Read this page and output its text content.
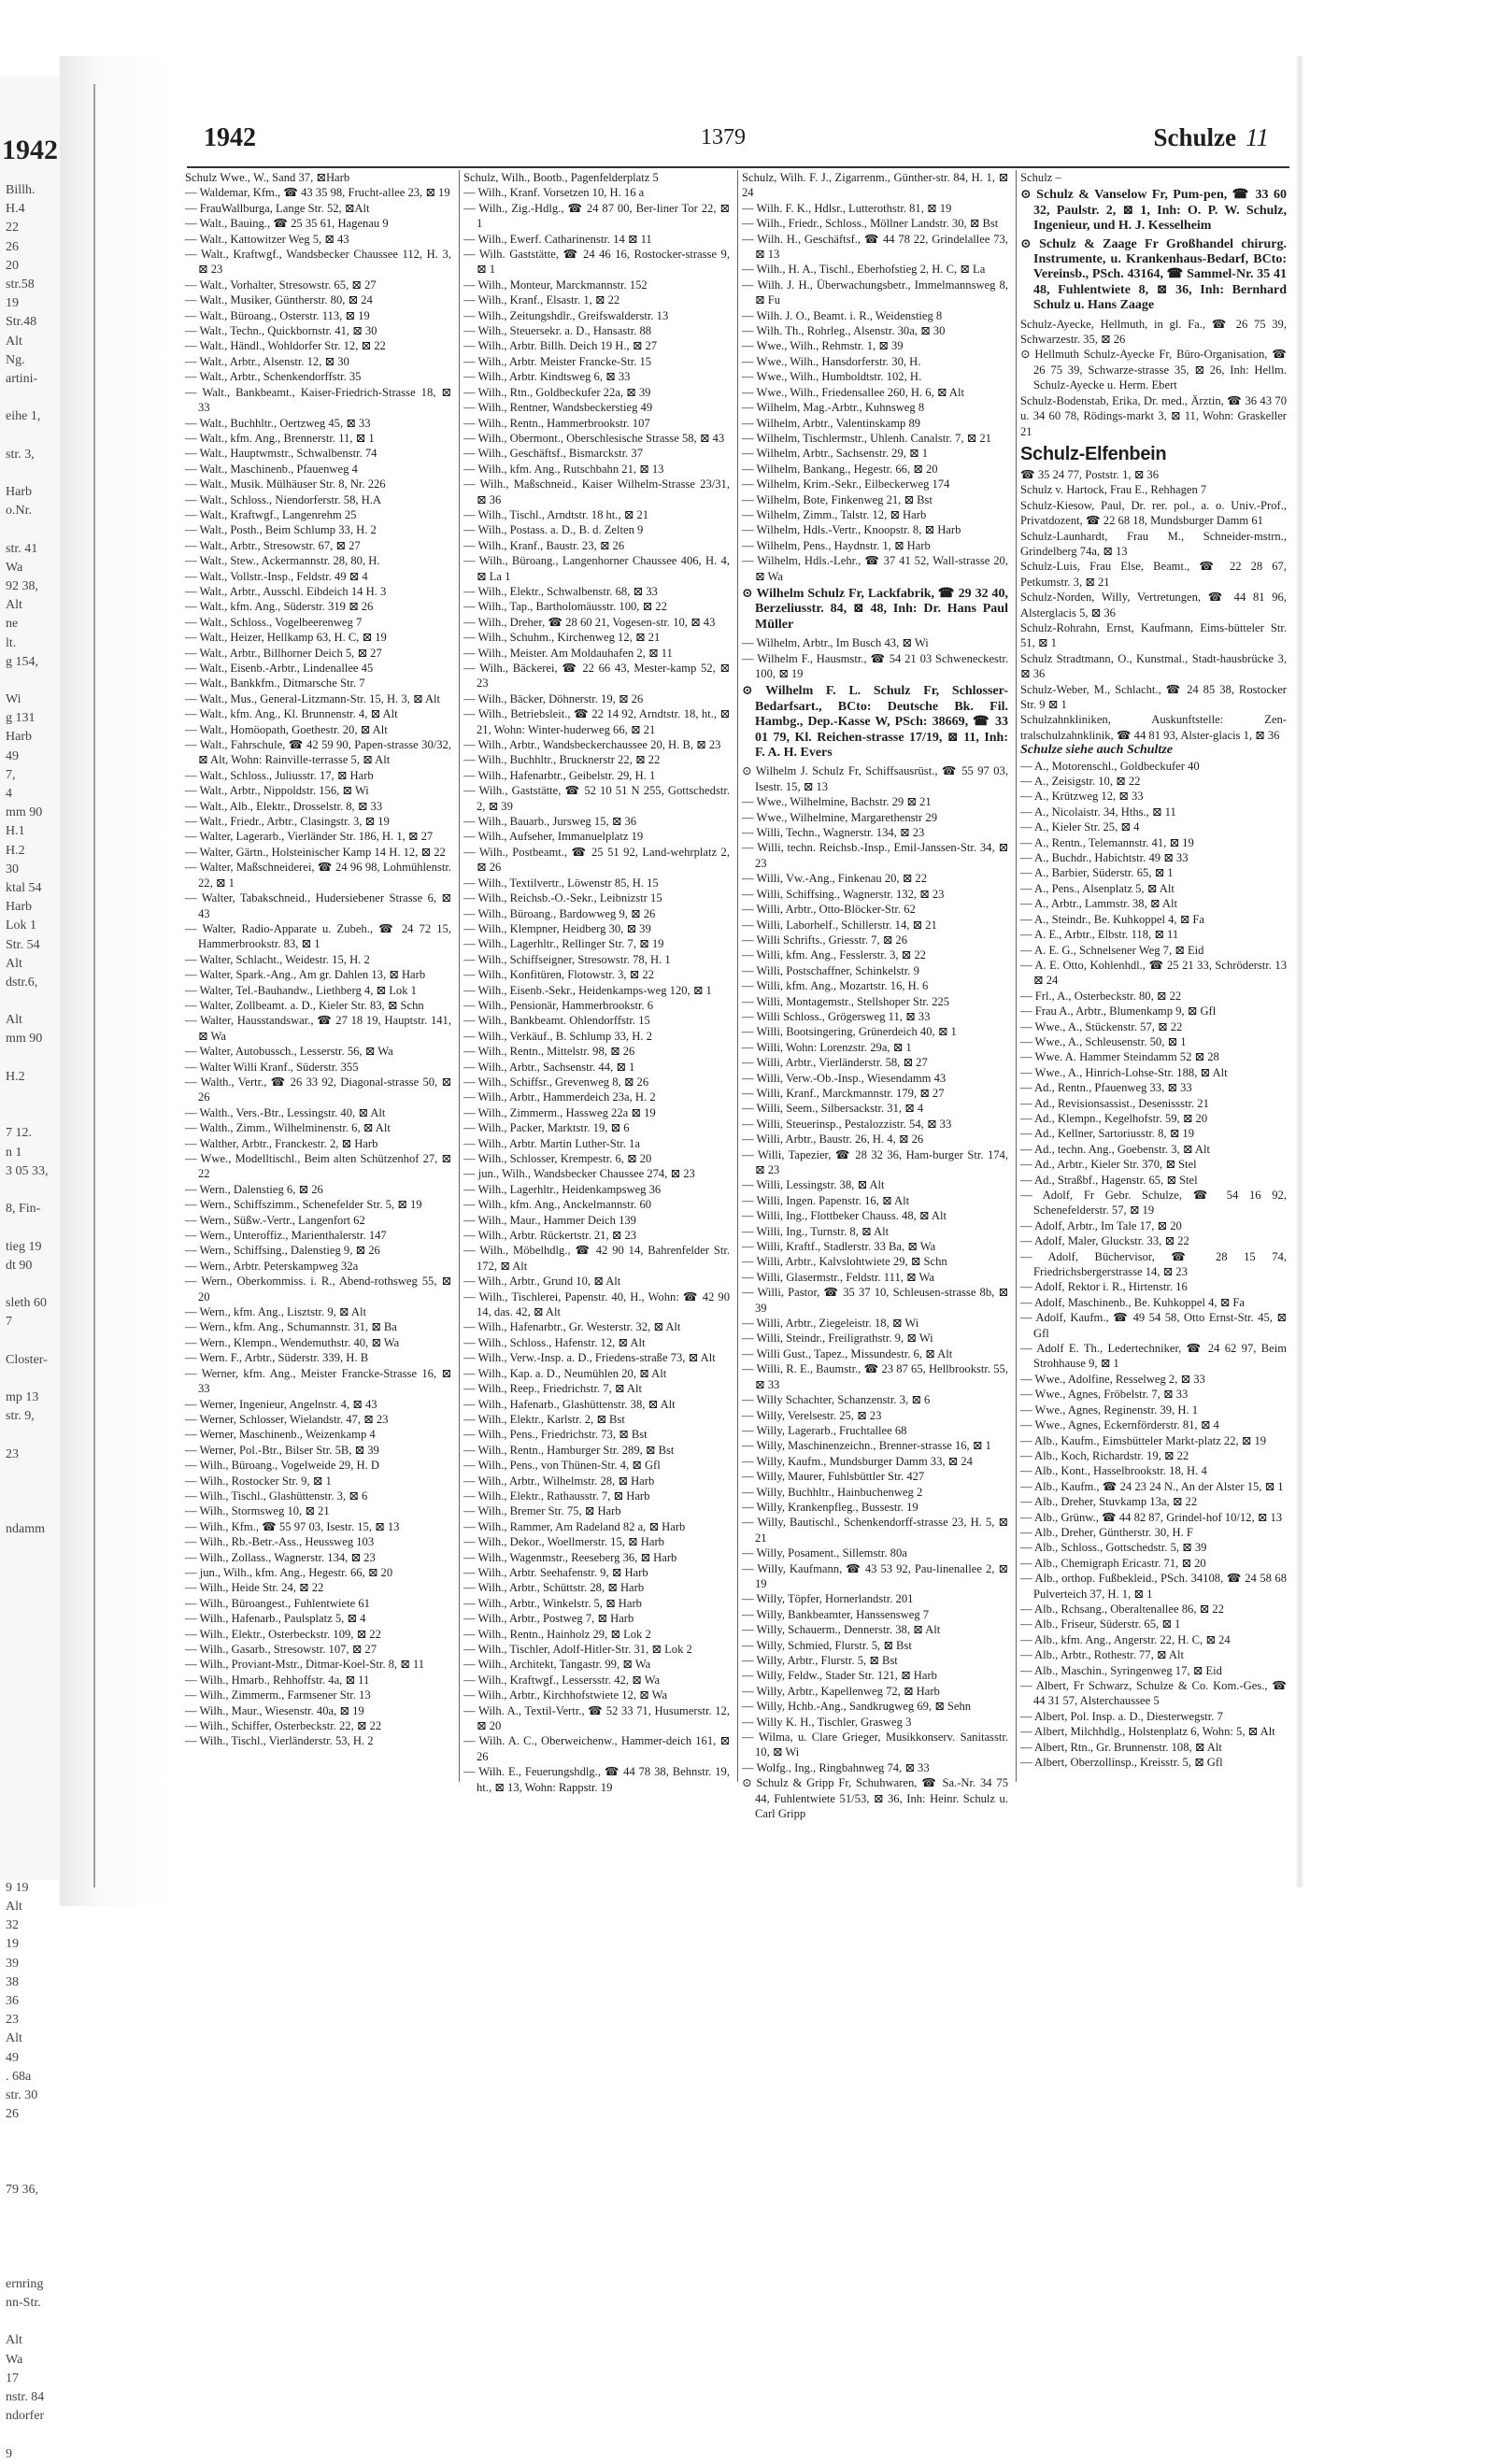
1942
Billh.
H.4
22
26
20
str.58
19
Str.48
Alt
Ng.
artini-
eihe 1,
str. 3,
Harb
o.Nr.
str. 41
Wa
92 38,
Alt
ne
lt.
g 154,
Wi
g 131
Harb
49
7,
4
mm 90
H.1
H.2
30
ktal 54
Harb
Lok 1
Str. 54
Alt
dstr.6,
Alt
mm 90
H.2
7 12.
n 1
3 05 33,
8, Fin-
tieg 19
dt 90
sleth 60
7
Closter-
mp 13
str. 9,
23
ndamm
9 19
Alt
32
19
39
38
36
23
Alt
49
. 68a
str. 30
26
79 36,
ernring
nn-Str.
Alt
Wa
17
nstr. 84
ndorfer
9
1942	1379	Schulze 11

Schulz Wwe., W., Sand 37, ⊠Harb

— Waldemar, Kfm., ☎ 43 35 98, Frucht-allee 23, ⊠ 19

— FrauWallburga, Lange Str. 52, ⊠Alt

— Walt., Bauing., ☎ 25 35 61, Hagenau 9

— Walt., Kattowitzer Weg 5, ⊠ 43

— Walt., Kraftwgf., Wandsbecker Chaussee 112, H. 3, ⊠ 23

— Walt., Vorhalter, Stresowstr. 65, ⊠ 27

— Walt., Musiker, Güntherstr. 80, ⊠ 24

— Walt., Büroang., Osterstr. 113, ⊠ 19

— Walt., Techn., Quickbornstr. 41, ⊠ 30

— Walt., Händl., Wohldorfer Str. 12, ⊠ 22

— Walt., Arbtr., Alsenstr. 12, ⊠ 30

— Walt., Arbtr., Schenkendorffstr. 35

— Walt., Bankbeamt., Kaiser-Friedrich-Strasse 18, ⊠ 33

— Walt., Buchhltr., Oertzweg 45, ⊠ 33

— Walt., kfm. Ang., Brennerstr. 11, ⊠ 1

— Walt., Hauptwmstr., Schwalbenstr. 74

— Walt., Maschinenb., Pfauenweg 4

— Walt., Musik. Mülhäuser Str. 8, Nr. 226

— Walt., Schloss., Niendorferstr. 58, H.A

— Walt., Kraftwgf., Langenrehm 25

— Walt., Posth., Beim Schlump 33, H. 2

— Walt., Arbtr., Stresowstr. 67, ⊠ 27

— Walt., Stew., Ackermannstr. 28, 80, H.

— Walt., Vollstr.-Insp., Feldstr. 49 ⊠ 4

— Walt., Arbtr., Ausschl. Eibdeich 14 H. 3

— Walt., kfm. Ang., Süderstr. 319 ⊠ 26

— Walt., Schloss., Vogelbeerenweg 7

— Walt., Heizer, Hellkamp 63, H. C, ⊠ 19

— Walt., Arbtr., Billhorner Deich 5, ⊠ 27

— Walt., Eisenb.-Arbtr., Lindenallee 45

— Walt., Bankkfm., Ditmarsche Str. 7

— Walt., Mus., General-Litzmann-Str. 15, H. 3, ⊠ Alt

— Walt., kfm. Ang., Kl. Brunnenstr. 4, ⊠ Alt

— Walt., Homöopath, Goethestr. 20, ⊠ Alt

— Walt., Fahrschule, ☎ 42 59 90, Papen-strasse 30/32, ⊠ Alt, Wohn: Rainville-terrasse 5, ⊠ Alt

— Walt., Schloss., Juliusstr. 17, ⊠ Harb

— Walt., Arbtr., Nippoldstr. 156, ⊠ Wi

— Walt., Alb., Elektr., Drosselstr. 8, ⊠ 33

— Walt., Friedr., Arbtr., Clasingstr. 3, ⊠ 19

— Walter, Lagerarb., Vierländer Str. 186, H. 1, ⊠ 27

— Walter, Gärtn., Holsteinischer Kamp 14 H. 12, ⊠ 22

— Walter, Maßschneiderei, ☎ 24 96 98, Lohmühlenstr. 22, ⊠ 1

— Walter, Tabakschneid., Hudersiebener Strasse 6, ⊠ 43

— Walter, Radio-Apparate u. Zubeh., ☎ 24 72 15, Hammerbrookstr. 83, ⊠ 1

— Walter, Schlacht., Weidestr. 15, H. 2

— Walter, Spark.-Ang., Am gr. Dahlen 13, ⊠ Harb

— Walter, Tel.-Bauhandw., Liethberg 4, ⊠ Lok 1

— Walter, Zollbeamt. a. D., Kieler Str. 83, ⊠ Schn

— Walter, Hausstandswar., ☎ 27 18 19, Hauptstr. 141, ⊠ Wa

— Walter, Autobussch., Lesserstr. 56, ⊠ Wa

— Walter Willi Kranf., Süderstr. 355

— Walth., Vertr., ☎ 26 33 92, Diagonal-strasse 50, ⊠ 26

— Walth., Vers.-Btr., Lessingstr. 40, ⊠ Alt

— Walth., Zimm., Wilhelminenstr. 6, ⊠ Alt

— Walther, Arbtr., Franckestr. 2, ⊠ Harb

— Wwe., Modelltischl., Beim alten Schützenhof 27, ⊠ 22

— Wern., Dalenstieg 6, ⊠ 26

— Wern., Schiffszimm., Schenefelder Str. 5, ⊠ 19

— Wern., Süßw.-Vertr., Langenfort 62

— Wern., Unteroffiz., Marienthalerstr. 147

— Wern., Schiffsing., Dalenstieg 9, ⊠ 26

— Wern., Arbtr. Peterskampweg 32a

— Wern., Oberkommiss. i. R., Abend-rothsweg 55, ⊠ 20

— Wern., kfm. Ang., Lisztstr. 9, ⊠ Alt

— Wern., kfm. Ang., Schumannstr. 31, ⊠ Ba

— Wern., Klempn., Wendemuthstr. 40, ⊠ Wa

— Wern. F., Arbtr., Süderstr. 339, H. B

— Werner, kfm. Ang., Meister Francke-Strasse 16, ⊠ 33

— Werner, Ingenieur, Angelnstr. 4, ⊠ 43

— Werner, Schlosser, Wielandstr. 47, ⊠ 23

— Werner, Maschinenb., Weizenkamp 4

— Werner, Pol.-Btr., Bilser Str. 5B, ⊠ 39

— Wilh., Büroang., Vogelweide 29, H. D

— Wilh., Rostocker Str. 9, ⊠ 1

— Wilh., Tischl., Glashüttenstr. 3, ⊠ 6

— Wilh., Stormsweg 10, ⊠ 21

— Wilh., Kfm., ☎ 55 97 03, Isestr. 15, ⊠ 13

— Wilh., Rb.-Betr.-Ass., Heussweg 103

— Wilh., Zollass., Wagnerstr. 134, ⊠ 23

— jun., Wilh., kfm. Ang., Hegestr. 66, ⊠ 20

— Wilh., Heide Str. 24, ⊠ 22

— Wilh., Büroangest., Fuhlentwiete 61

— Wilh., Hafenarb., Paulsplatz 5, ⊠ 4

— Wilh., Elektr., Osterbeckstr. 109, ⊠ 22

— Wilh., Gasarb., Stresowstr. 107, ⊠ 27

— Wilh., Proviant-Mstr., Ditmar-Koel-Str. 8, ⊠ 11

— Wilh., Hmarb., Rehhoffstr. 4a, ⊠ 11

— Wilh., Zimmerm., Farmsener Str. 13

— Wilh., Maur., Wiesenstr. 40a, ⊠ 19

— Wilh., Schiffer, Osterbeckstr. 22, ⊠ 22

— Wilh., Tischl., Vierländerstr. 53, H. 2

Schulz, Wilh., Bootb., Pagenfelderplatz 5

— Wilh., Kranf. Vorsetzen 10, H. 16 a

— Wilh., Zig.-Hdlg., ☎ 24 87 00, Ber-liner Tor 22, ⊠ 1

— Wilh., Ewerf. Catharinenstr. 14 ⊠ 11

— Wilh. Gaststätte, ☎ 24 46 16, Rostocker-strasse 9, ⊠ 1

— Wilh., Monteur, Marckmannstr. 152

— Wilh., Kranf., Elsastr. 1, ⊠ 22

— Wilh., Zeitungshdlr., Greifswalderstr. 13

— Wilh., Steuersekr. a. D., Hansastr. 88

— Wilh., Arbtr. Billh. Deich 19 H., ⊠ 27

— Wilh., Arbtr. Meister Francke-Str. 15

— Wilh., Arbtr. Kindtsweg 6, ⊠ 33

— Wilh., Rtn., Goldbeckufer 22a, ⊠ 39

— Wilh., Rentner, Wandsbeckerstieg 49

— Wilh., Rentn., Hammerbrookstr. 107

— Wilh., Obermont., Oberschlesische Strasse 58, ⊠ 43

— Wilh., Geschäftsf., Bismarckstr. 37

— Wilh., kfm. Ang., Rutschbahn 21, ⊠ 13

— Wilh., Maßschneid., Kaiser Wilhelm-Strasse 23/31, ⊠ 36

— Wilh., Tischl., Arndtstr. 18 ht., ⊠ 21

— Wilh., Postass. a. D., B. d. Zelten 9

— Wilh., Kranf., Baustr. 23, ⊠ 26

— Wilh., Büroang., Langenhorner Chaussee 406, H. 4, ⊠ La 1

— Wilh., Elektr., Schwalbenstr. 68, ⊠ 33

— Wilh., Tap., Bartholomäusstr. 100, ⊠ 22

— Wilh., Dreher, ☎ 28 60 21, Vogesen-str. 10, ⊠ 43

— Wilh., Schuhm., Kirchenweg 12, ⊠ 21

— Wilh., Meister. Am Moldauhafen 2, ⊠ 11

— Wilh., Bäckerei, ☎ 22 66 43, Mester-kamp 52, ⊠ 23

— Wilh., Bäcker, Döhnerstr. 19, ⊠ 26

— Wilh., Betriebsleit., ☎ 22 14 92, Arndtstr. 18, ht., ⊠ 21, Wohn: Winter-huderweg 66, ⊠ 21

— Wilh., Arbtr., Wandsbeckerchaussee 20, H. B, ⊠ 23

— Wilh., Buchhltr., Brucknerstr 22, ⊠ 22

— Wilh., Hafenarbtr., Geibelstr. 29, H. 1

— Wilh., Gaststätte, ☎ 52 10 51 N 255, Gottschedstr. 2, ⊠ 39

— Wilh., Bauarb., Jursweg 15, ⊠ 36

— Wilh., Aufseher, Immanuelplatz 19

— Wilh., Postbeamt., ☎ 25 51 92, Land-wehrplatz 2, ⊠ 26

— Wilh., Textilvertr., Löwenstr 85, H. 15

— Wilh., Reichsb.-O.-Sekr., Leibnizstr 15

— Wilh., Büroang., Bardowweg 9, ⊠ 26

— Wilh., Klempner, Heidberg 30, ⊠ 39

— Wilh., Lagerhltr., Rellinger Str. 7, ⊠ 19

— Wilh., Schiffseigner, Stresowstr. 78, H. 1

— Wilh., Konfitüren, Flotowstr. 3, ⊠ 22

— Wilh., Eisenb.-Sekr., Heidenkamps-weg 120, ⊠ 1

— Wilh., Pensionär, Hammerbrookstr. 6

— Wilh., Bankbeamt. Ohlendorffstr. 15

— Wilh., Verkäuf., B. Schlump 33, H. 2

— Wilh., Rentn., Mittelstr. 98, ⊠ 26

— Wilh., Arbtr., Sachsenstr. 44, ⊠ 1

— Wilh., Schiffsr., Grevenweg 8, ⊠ 26

— Wilh., Arbtr., Hammerdeich 23a, H. 2

— Wilh., Zimmerm., Hassweg 22a ⊠ 19

— Wilh., Packer, Marktstr. 19, ⊠ 6

— Wilh., Arbtr. Martin Luther-Str. 1a

— Wilh., Schlosser, Krempestr. 6, ⊠ 20

— jun., Wilh., Wandsbecker Chaussee 274, ⊠ 23

— Wilh., Lagerhltr., Heidenkampsweg 36

— Wilh., kfm. Ang., Anckelmannstr. 60

— Wilh., Maur., Hammer Deich 139

— Wilh., Arbtr. Rückertstr. 21, ⊠ 23

— Wilh., Möbelhdlg., ☎ 42 90 14, Bahrenfelder Str. 172, ⊠ Alt

— Wilh., Arbtr., Grund 10, ⊠ Alt

— Wilh., Tischlerei, Papenstr. 40, H., Wohn: ☎ 42 90 14, das. 42, ⊠ Alt

— Wilh., Hafenarbtr., Gr. Westerstr. 32, ⊠ Alt

— Wilh., Schloss., Hafenstr. 12, ⊠ Alt

— Wilh., Verw.-Insp. a. D., Friedens-straße 73, ⊠ Alt

— Wilh., Kap. a. D., Neumühlen 20, ⊠ Alt

— Wilh., Reep., Friedrichstr. 7, ⊠ Alt

— Wilh., Hafenarb., Glashüttenstr. 38, ⊠ Alt

— Wilh., Elektr., Karlstr. 2, ⊠ Bst

— Wilh., Pens., Friedrichstr. 73, ⊠ Bst

— Wilh., Rentn., Hamburger Str. 289, ⊠ Bst

— Wilh., Pens., von Thünen-Str. 4, ⊠ Gfl

— Wilh., Arbtr., Wilhelmstr. 28, ⊠ Harb

— Wilh., Elektr., Rathausstr. 7, ⊠ Harb

— Wilh., Bremer Str. 75, ⊠ Harb

— Wilh., Rammer, Am Radeland 82 a, ⊠ Harb

— Wilh., Dekor., Woellmerstr. 15, ⊠ Harb

— Wilh., Wagenmstr., Reeseberg 36, ⊠ Harb

— Wilh., Arbtr. Seehafenstr. 9, ⊠ Harb

— Wilh., Arbtr., Schüttstr. 28, ⊠ Harb

— Wilh., Arbtr., Winkelstr. 5, ⊠ Harb

— Wilh., Arbtr., Postweg 7, ⊠ Harb

— Wilh., Rentn., Hainholz 29, ⊠ Lok 2

— Wilh., Tischler, Adolf-Hitler-Str. 31, ⊠ Lok 2

— Wilh., Architekt, Tangastr. 99, ⊠ Wa

— Wilh., Kraftwgf., Lessersstr. 42, ⊠ Wa

— Wilh., Arbtr., Kirchhofstwiete 12, ⊠ Wa

— Wilh. A., Textil-Vertr., ☎ 52 33 71, Husumerstr. 12, ⊠ 20

— Wilh. A. C., Oberweichenw., Hammer-deich 161, ⊠ 26

— Wilh. E., Feuerungshdlg., ☎ 44 78 38, Behnstr. 19, ht., ⊠ 13, Wohn: Rappstr. 19

Schulz, Wilh. F. J., Zigarrenm., Günther-str. 84, H. 1, ⊠ 24

— Wilh. F. K., Hdlsr., Lutterothstr. 81, ⊠ 19

— Wilh., Friedr., Schloss., Möllner Landstr. 30, ⊠ Bst

— Wilh. H., Geschäftsf., ☎ 44 78 22, Grindelallee 73, ⊠ 13

— Wilh., H. A., Tischl., Eberhofstieg 2, H. C, ⊠ La

— Wilh. J. H., Überwachungsbetr., Immelmannsweg 8, ⊠ Fu

— Wilh. J. O., Beamt. i. R., Weidenstieg 8

— Wilh. Th., Rohrleg., Alsenstr. 30a, ⊠ 30

— Wwe., Wilh., Rehmstr. 1, ⊠ 39

— Wwe., Wilh., Hansdorferstr. 30, H.

— Wwe., Wilh., Humboldtstr. 102, H.

— Wwe., Wilh., Friedensallee 260, H. 6, ⊠ Alt

— Wilhelm, Mag.-Arbtr., Kuhnsweg 8

— Wilhelm, Arbtr., Valentinskamp 89

— Wilhelm, Tischlermstr., Uhlenh. Canalstr. 7, ⊠ 21

— Wilhelm, Arbtr., Sachsenstr. 29, ⊠ 1

— Wilhelm, Bankang., Hegestr. 66, ⊠ 20

— Wilhelm, Krim.-Sekr., Eilbeckerweg 174

— Wilhelm, Bote, Finkenweg 21, ⊠ Bst

— Wilhelm, Zimm., Talstr. 12, ⊠ Harb

— Wilhelm, Hdls.-Vertr., Knoopstr. 8, ⊠ Harb

— Wilhelm, Pens., Haydnstr. 1, ⊠ Harb

— Wilhelm, Hdls.-Lehr., ☎ 37 41 52, Wall-strasse 20, ⊠ Wa

⊙ Wilhelm Schulz Fr, Lackfabrik, ☎ 29 32 40, Berzeliusstr. 84, ⊠ 48, Inh: Dr. Hans Paul Müller

— Wilhelm, Arbtr., Im Busch 43, ⊠ Wi

— Wilhelm F., Hausmstr., ☎ 54 21 03 Schweneckestr. 100, ⊠ 19

⊙ Wilhelm F. L. Schulz Fr, Schlosser-Bedarfsart., BCto: Deutsche Bk. Fil. Hambg., Dep.-Kasse W, PSch: 38669, ☎ 33 01 79, Kl. Reichen-strasse 17/19, ⊠ 11, Inh: F. A. H. Evers

⊙ Wilhelm J. Schulz Fr, Schiffsausrüst., ☎ 55 97 03, Isestr. 15, ⊠ 13

— Wwe., Wilhelmine, Bachstr. 29 ⊠ 21

— Wwe., Wilhelmine, Margarethenstr 29

— Willi, Techn., Wagnerstr. 134, ⊠ 23

— Willi, techn. Reichsb.-Insp., Emil-Janssen-Str. 34, ⊠ 23

— Willi, Vw.-Ang., Finkenau 20, ⊠ 22

— Willi, Schiffsing., Wagnerstr. 132, ⊠ 23

— Willi, Arbtr., Otto-Blöcker-Str. 62

— Willi, Laborhelf., Schillerstr. 14, ⊠ 21

— Willi Schrifts., Griesstr. 7, ⊠ 26

— Willi, kfm. Ang., Fesslerstr. 3, ⊠ 22

— Willi, Postschaffner, Schinkelstr. 9

— Willi, kfm. Ang., Mozartstr. 16, H. 6

— Willi, Montagemstr., Stellshoper Str. 225

— Willi Schloss., Grögersweg 11, ⊠ 33

— Willi, Bootsingering, Grünerdeich 40, ⊠ 1

— Willi, Wohn: Lorenzstr. 29a, ⊠ 1

— Willi, Arbtr., Vierländerstr. 58, ⊠ 27

— Willi, Verw.-Ob.-Insp., Wiesendamm 43

— Willi, Kranf., Marckmannstr. 179, ⊠ 27

— Willi, Seem., Silbersackstr. 31, ⊠ 4

— Willi, Steuerinsp., Pestalozzistr. 54, ⊠ 33

— Willi, Arbtr., Baustr. 26, H. 4, ⊠ 26

— Willi, Tapezier, ☎ 28 32 36, Ham-burger Str. 174, ⊠ 23

— Willi, Lessingstr. 38, ⊠ Alt

— Willi, Ingen. Papenstr. 16, ⊠ Alt

— Willi, Ing., Flottbeker Chauss. 48, ⊠ Alt

— Willi, Ing., Turnstr. 8, ⊠ Alt

— Willi, Kraftf., Stadlerstr. 33 Ba, ⊠ Wa

— Willi, Arbtr., Kalvslohtwiete 29, ⊠ Schn

— Willi, Glasermstr., Feldstr. 111, ⊠ Wa

— Willi, Pastor, ☎ 35 37 10, Schleusen-strasse 8b, ⊠ 39

— Willi, Arbtr., Ziegeleistr. 18, ⊠ Wi

— Willi, Steindr., Freiligrathstr. 9, ⊠ Wi

— Willi Gust., Tapez., Missundestr. 6, ⊠ Alt

— Willi, R. E., Baumstr., ☎ 23 87 65, Hellbrookstr. 55, ⊠ 33

— Willy Schachter, Schanzenstr. 3, ⊠ 6

— Willy, Verelsestr. 25, ⊠ 23

— Willy, Lagerarb., Fruchtallee 68

— Willy, Maschinenzeichn., Brenner-strasse 16, ⊠ 1

— Willy, Kaufm., Mundsburger Damm 33, ⊠ 24

— Willy, Maurer, Fuhlsbüttler Str. 427

— Willy, Buchhltr., Hainbuchenweg 2

— Willy, Krankenpfleg., Bussestr. 19

— Willy, Bautischl., Schenkendorff-strasse 23, H. 5, ⊠ 21

— Willy, Posament., Sillemstr. 80a

— Willy, Kaufmann, ☎ 43 53 92, Pau-linenallee 2, ⊠ 19

— Willy, Töpfer, Hornerlandstr. 201

— Willy, Bankbeamter, Hanssensweg 7

— Willy, Schauerm., Dennerstr. 38, ⊠ Alt

— Willy, Schmied, Flurstr. 5, ⊠ Bst

— Willy, Arbtr., Flurstr. 5, ⊠ Bst

— Willy, Feldw., Stader Str. 121, ⊠ Harb

— Willy, Arbtr., Kapellenweg 72, ⊠ Harb

— Willy, Hchb.-Ang., Sandkrugweg 69, ⊠ Sehn

— Willy K. H., Tischler, Grasweg 3

— Wilma, u. Clare Grieger, Musikkonserv. Sanitasstr. 10, ⊠ Wi

— Wolfg., Ing., Ringbahnweg 74, ⊠ 33

⊙ Schulz & Gripp Fr, Schuhwaren, ☎ Sa.-Nr. 34 75 44, Fuhlentwiete 51/53, ⊠ 36, Inh: Heinr. Schulz u. Carl Gripp

Schulz –

⊙ Schulz & Vanselow Fr, Pum-pen, ☎ 33 60 32, Paulstr. 2, ⊠ 1, Inh: O. P. W. Schulz, Ingenieur, und H. J. Kesselheim

⊙ Schulz & Zaage Fr Großhandel chirurg. Instrumente, u. Krankenhaus-Bedarf, BCto: Vereinsb., PSch. 43164, ☎ Sammel-Nr. 35 41 48, Fuhlentwiete 8, ⊠ 36, Inh: Bernhard Schulz u. Hans Zaage

Schulz-Ayecke, Hellmuth, in gl. Fa., ☎ 26 75 39, Schwarzestr. 35, ⊠ 26

⊙ Hellmuth Schulz-Ayecke Fr, Büro-Organisation, ☎ 26 75 39, Schwarze-strasse 35, ⊠ 26, Inh: Hellm. Schulz-Ayecke u. Herm. Ebert

Schulz-Bodenstab, Erika, Dr. med., Ärztin, ☎ 36 43 70 u. 34 60 78, Rödings-markt 3, ⊠ 11, Wohn: Graskeller 21

Schulz-Elfenbein

☎ 35 24 77, Poststr. 1, ⊠ 36

Schulz v. Hartock, Frau E., Rehhagen 7

Schulz-Kiesow, Paul, Dr. rer. pol., a. o. Univ.-Prof., Privatdozent, ☎ 22 68 18, Mundsburger Damm 61

Schulz-Launhardt, Frau M., Schneider-mstrn., Grindelberg 74a, ⊠ 13

Schulz-Luis, Frau Else, Beamt., ☎ 22 28 67, Petkumstr. 3, ⊠ 21

Schulz-Norden, Willy, Vertretungen, ☎ 44 81 96, Alsterglacis 5, ⊠ 36

Schulz-Rohrahn, Ernst, Kaufmann, Eims-bütteler Str. 51, ⊠ 1

Schulz Stradtmann, O., Kunstmal., Stadt-hausbrücke 3, ⊠ 36

Schulz-Weber, M., Schlacht., ☎ 24 85 38, Rostocker Str. 9 ⊠ 1

Schulzahnkliniken, Auskunftstelle: Zen-tralschulzahnklinik, ☎ 44 81 93, Alster-glacis 1, ⊠ 36

Schulze siehe auch Schultze

— A., Motorenschl., Goldbeckufer 40

— A., Zeisigstr. 10, ⊠ 22

— A., Krützweg 12, ⊠ 33

— A., Nicolaistr. 34, Hths., ⊠ 11

— A., Kieler Str. 25, ⊠ 4

— A., Rentn., Telemannstr. 41, ⊠ 19

— A., Buchdr., Habichtstr. 49 ⊠ 33

— A., Barbier, Süderstr. 65, ⊠ 1

— A., Pens., Alsenplatz 5, ⊠ Alt

— A., Arbtr., Lammstr. 38, ⊠ Alt

— A., Steindr., Be. Kuhkoppel 4, ⊠ Fa

— A. E., Arbtr., Elbstr. 118, ⊠ 11

— A. E. G., Schnelsener Weg 7, ⊠ Eid

— A. E. Otto, Kohlenhdl., ☎ 25 21 33, Schröderstr. 13 ⊠ 24

— Frl., A., Osterbeckstr. 80, ⊠ 22

— Frau A., Arbtr., Blumenkamp 9, ⊠ Gfl

— Wwe., A., Stückenstr. 57, ⊠ 22

— Wwe., A., Schleusenstr. 50, ⊠ 1

— Wwe. A. Hammer Steindamm 52 ⊠ 28

— Wwe., A., Hinrich-Lohse-Str. 188, ⊠ Alt

— Ad., Rentn., Pfauenweg 33, ⊠ 33

— Ad., Revisionsassist., Desenissstr. 21

— Ad., Klempn., Kegelhofstr. 59, ⊠ 20

— Ad., Kellner, Sartoriusstr. 8, ⊠ 19

— Ad., techn. Ang., Goebenstr. 3, ⊠ Alt

— Ad., Arbtr., Kieler Str. 370, ⊠ Stel

— Ad., Straßbf., Hagenstr. 65, ⊠ Stel

— Adolf, Fr Gebr. Schulze, ☎ 54 16 92, Schenefelderstr. 57, ⊠ 19

— Adolf, Arbtr., Im Tale 17, ⊠ 20

— Adolf, Maler, Gluckstr. 33, ⊠ 22

— Adolf, Büchervisor, ☎ 28 15 74, Friedrichsbergerstrasse 14, ⊠ 23

— Adolf, Rektor i. R., Hirtenstr. 16

— Adolf, Maschinenb., Be. Kuhkoppel 4, ⊠ Fa

— Adolf, Kaufm., ☎ 49 54 58, Otto Ernst-Str. 45, ⊠ Gfl

— Adolf E. Th., Ledertechniker, ☎ 24 62 97, Beim Strohhause 9, ⊠ 1

— Wwe., Adolfine, Resselweg 2, ⊠ 33

— Wwe., Agnes, Fröbelstr. 7, ⊠ 33

— Wwe., Agnes, Reginenstr. 39, H. 1

— Wwe., Agnes, Eckernförderstr. 81, ⊠ 4

— Alb., Kaufm., Eimsbütteler Markt-platz 22, ⊠ 19

— Alb., Koch, Richardstr. 19, ⊠ 22

— Alb., Kont., Hasselbrookstr. 18, H. 4

— Alb., Kaufm., ☎ 24 23 24 N., An der Alster 15, ⊠ 1

— Alb., Dreher, Stuvkamp 13a, ⊠ 22

— Alb., Grünw., ☎ 44 82 87, Grindel-hof 10/12, ⊠ 13

— Alb., Dreher, Güntherstr. 30, H. F

— Alb., Schloss., Gottschedstr. 5, ⊠ 39

— Alb., Chemigraph Ericastr. 71, ⊠ 20

— Alb., orthop. Fußbekleid., PSch. 34108, ☎ 24 58 68 Pulverteich 37, H. 1, ⊠ 1

— Alb., Rchsang., Oberaltenallee 86, ⊠ 22

— Alb., Friseur, Süderstr. 65, ⊠ 1

— Alb., kfm. Ang., Angerstr. 22, H. C, ⊠ 24

— Alb., Arbtr., Rothestr. 77, ⊠ Alt

— Alb., Maschin., Syringenweg 17, ⊠ Eid

— Albert, Fr Schwarz, Schulze & Co. Kom.-Ges., ☎ 44 31 57, Alsterchaussee 5

— Albert, Pol. Insp. a. D., Diesterwegstr. 7

— Albert, Milchhdlg., Holstenplatz 6, Wohn: 5, ⊠ Alt

— Albert, Rtn., Gr. Brunnenstr. 108, ⊠ Alt

— Albert, Oberzollinsp., Kreisstr. 5, ⊠ Gfl
